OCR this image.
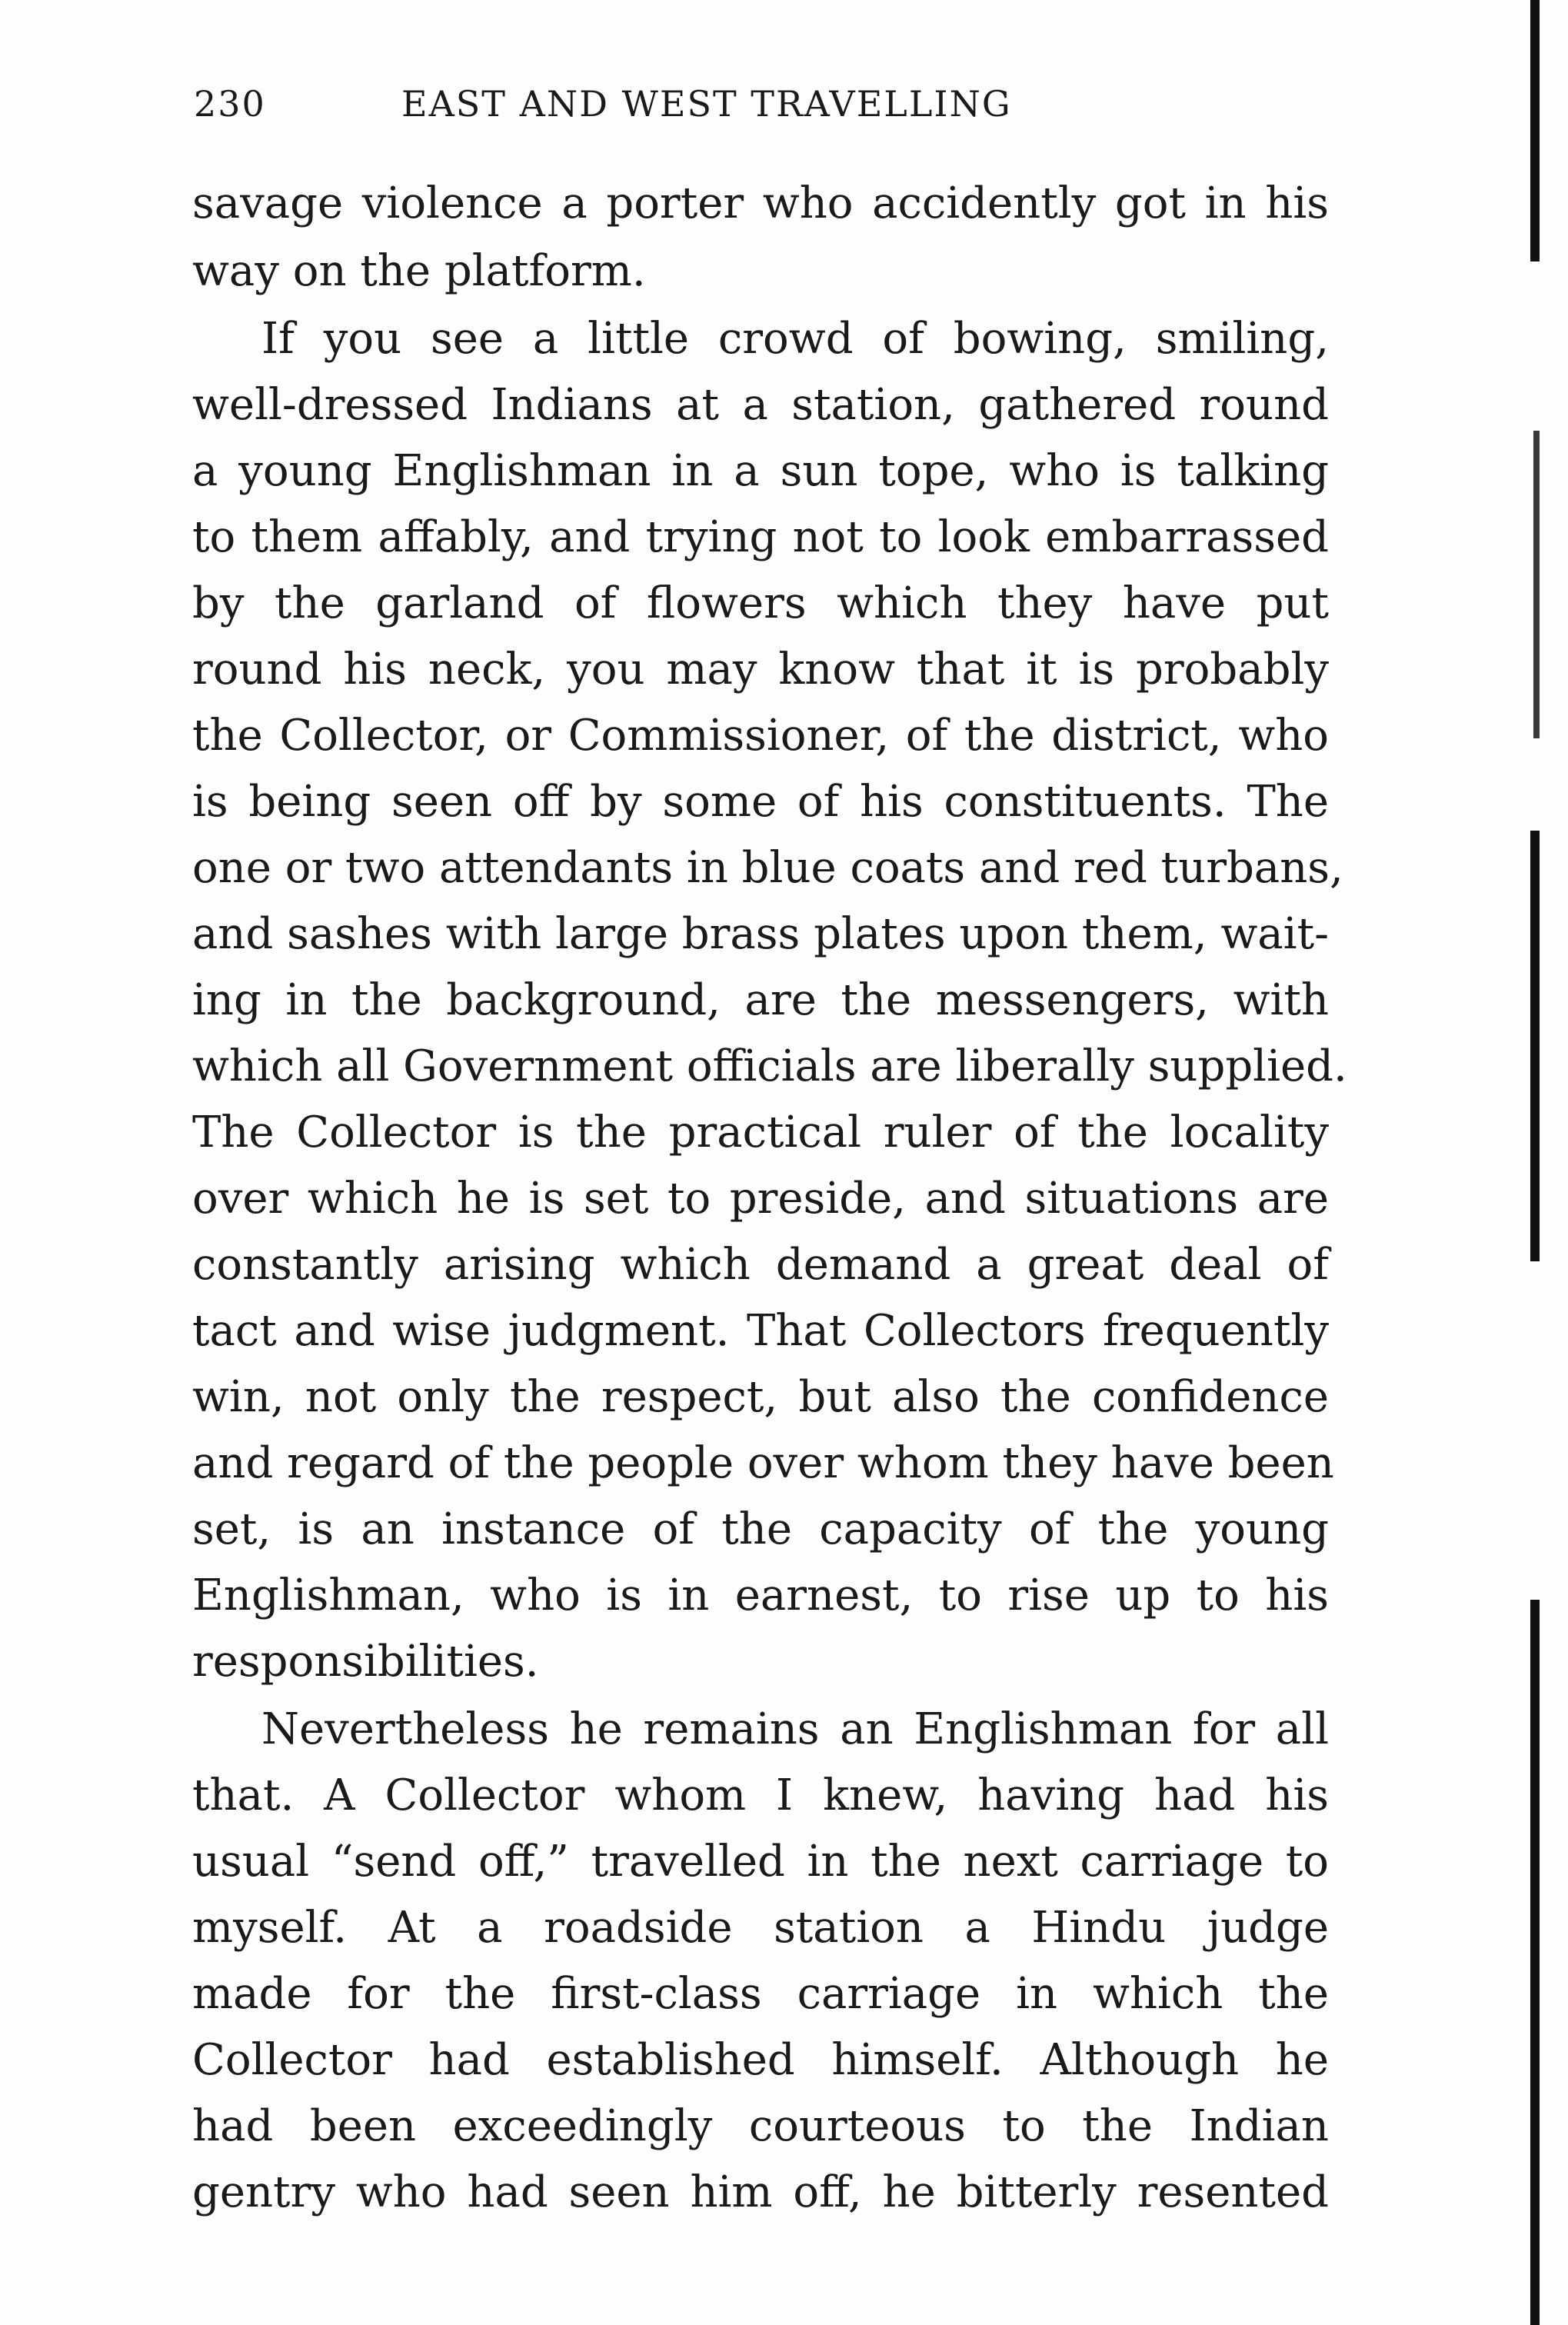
230	EAST AND WEST TRAVELLING
savage violence a porter who accidently got in his
way on the platform.
If you see a little crowd of bowing, smiling,
well-dressed Indians at a station, gathered round
a young Englishman in a sun tope, who is talking
to them affably, and trying not to look embarrassed
by the garland of flowers which they have put
round his neck, you may know that it is probably
the Collector, or Commissioner, of the district, who
is being seen off by some of his constituents. The
one or two attendants in blue coats and red turbans,
and sashes with large brass plates upon them, wait-
ing in the background, are the messengers, with
which all Government officials are liberally supplied.
The Collector is the practical ruler of the locality
over which he is set to preside, and situations are
constantly arising which demand a great deal of
tact and wise judgment. That Collectors frequently
win, not only the respect, but also the confidence
and regard of the people over whom they have been
set, is an instance of the capacity of the young
Englishman, who is in earnest, to rise up to his
responsibilities.
Nevertheless he remains an Englishman for all
that. A Collector whom I knew, having had his
usual “send off,” travelled in the next carriage to
myself. At a roadside station a Hindu judge
made for the first-class carriage in which the
Collector had established himself. Although he
had been exceedingly courteous to the Indian
gentry who had seen him off, he bitterly resented
